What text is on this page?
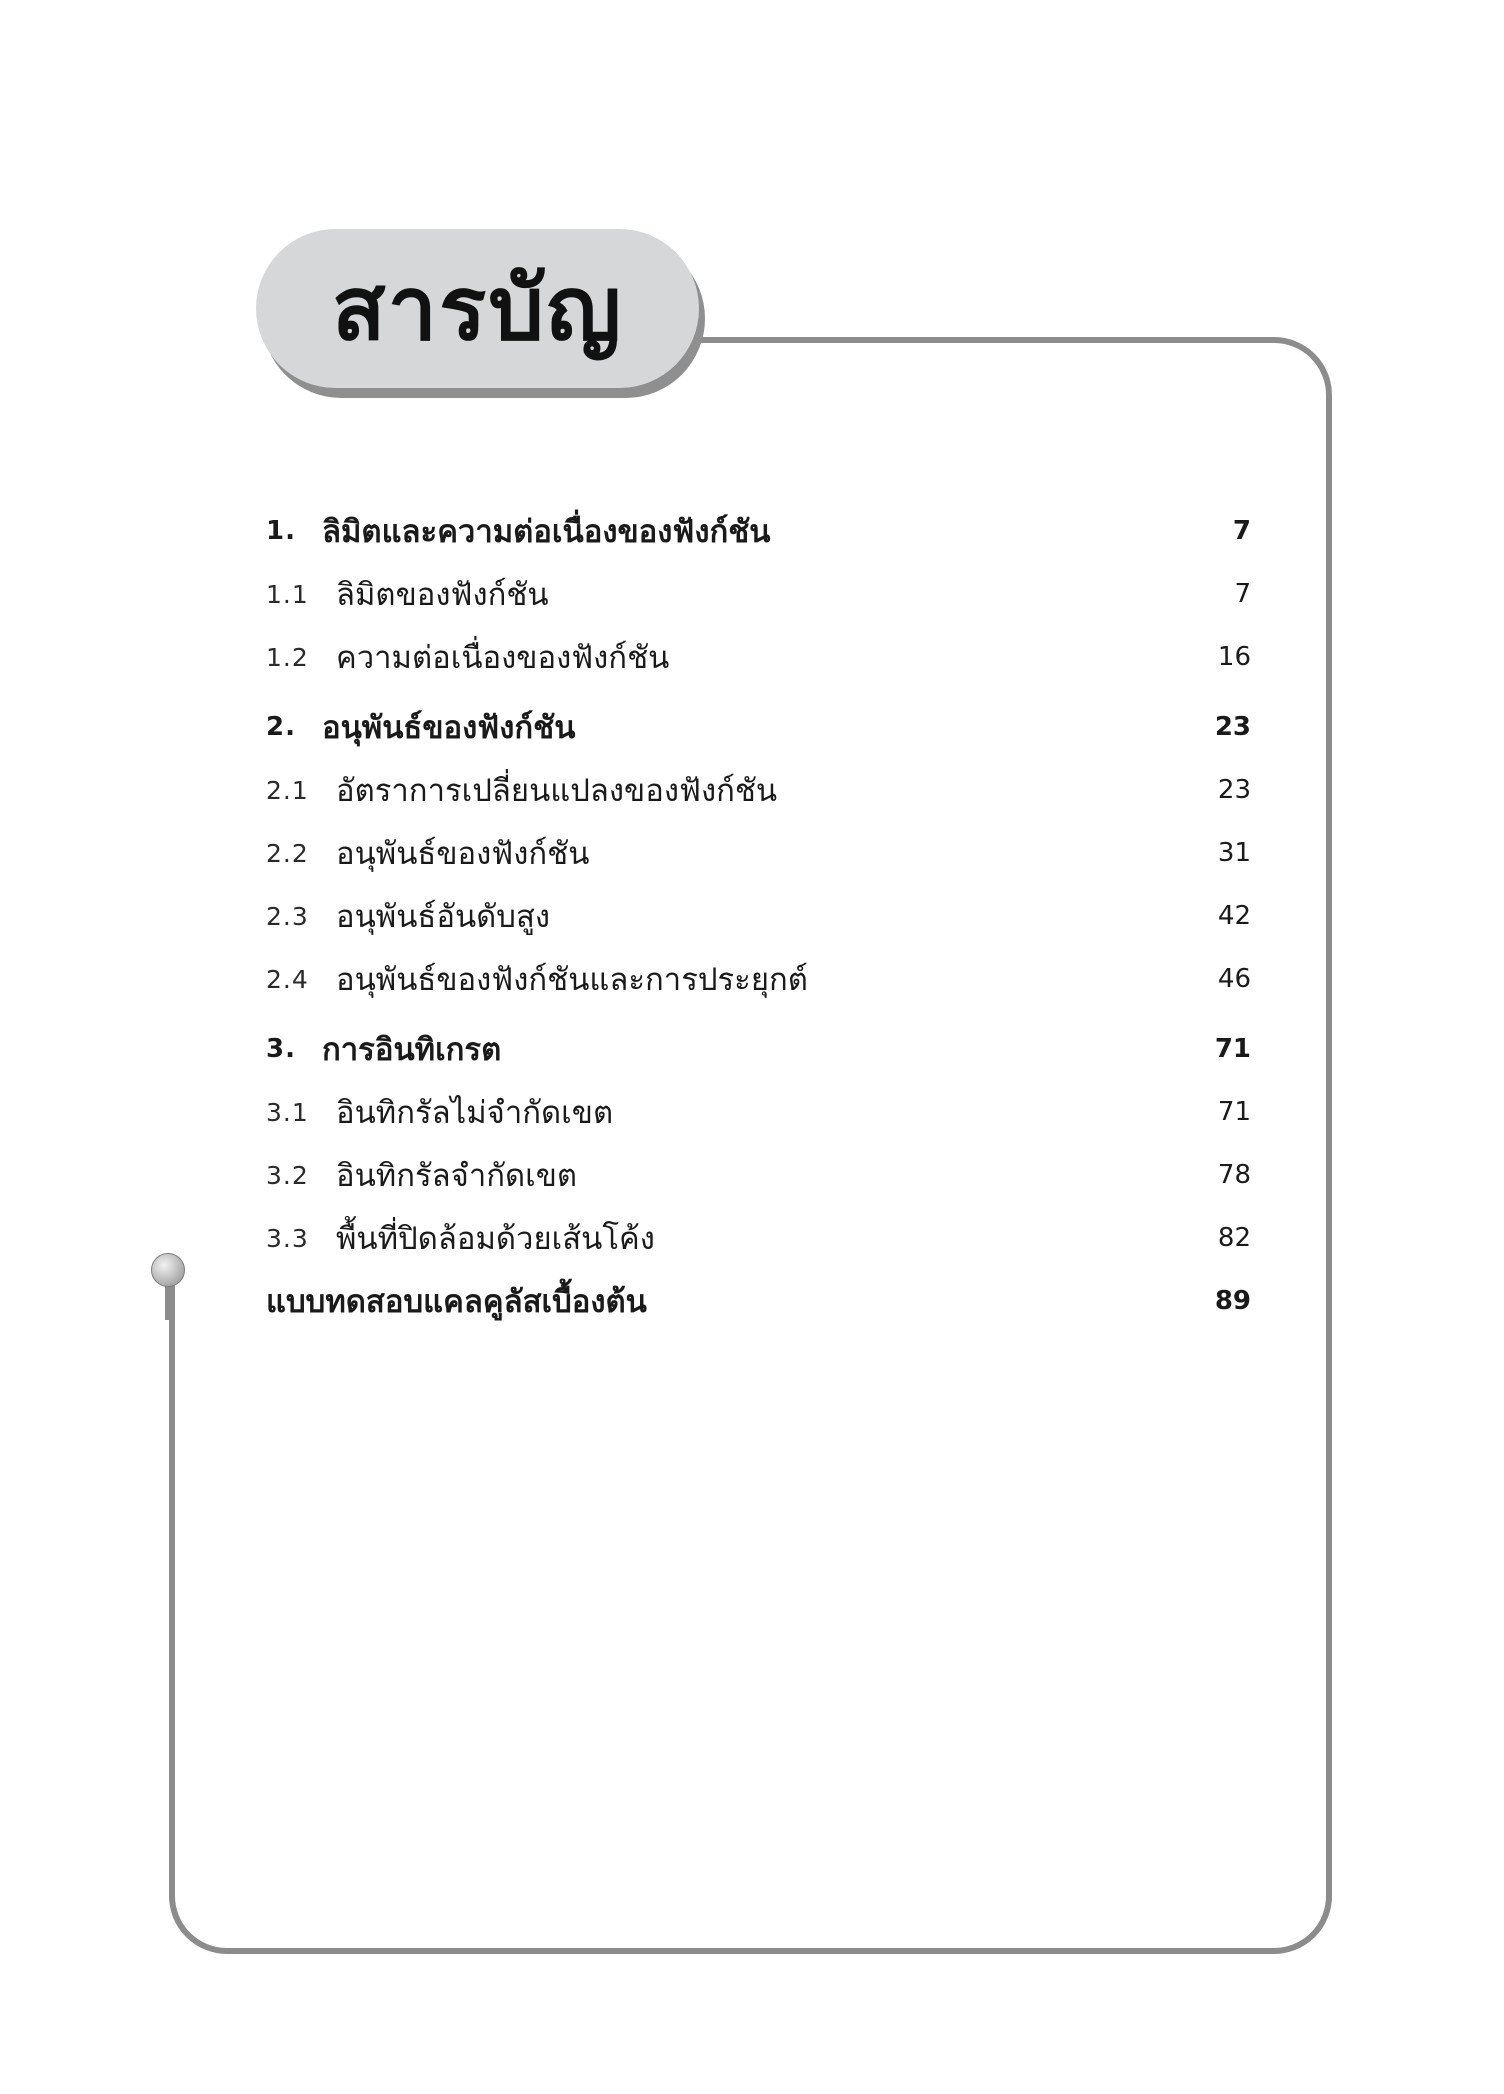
สารบัญ
1. ลิมิตและความต่อเนื่องของฟังก์ชัน	7
1.1 ลิมิตของฟังก์ชัน	7
1.2 ความต่อเนื่องของฟังก์ชัน	16
2. อนุพันธ์ของฟังก์ชัน	23
2.1 อัตราการเปลี่ยนแปลงของฟังก์ชัน	23
2.2 อนุพันธ์ของฟังก์ชัน	31
2.3 อนุพันธ์อันดับสูง	42
2.4 อนุพันธ์ของฟังก์ชันและการประยุกต์	46
3. การอินทิเกรต	71
3.1 อินทิกรัลไม่จำกัดเขต	71
3.2 อินทิกรัลจำกัดเขต	78
3.3 พื้นที่ปิดล้อมด้วยเส้นโค้ง	82
แบบทดสอบแคลคูลัสเบื้องต้น	89
